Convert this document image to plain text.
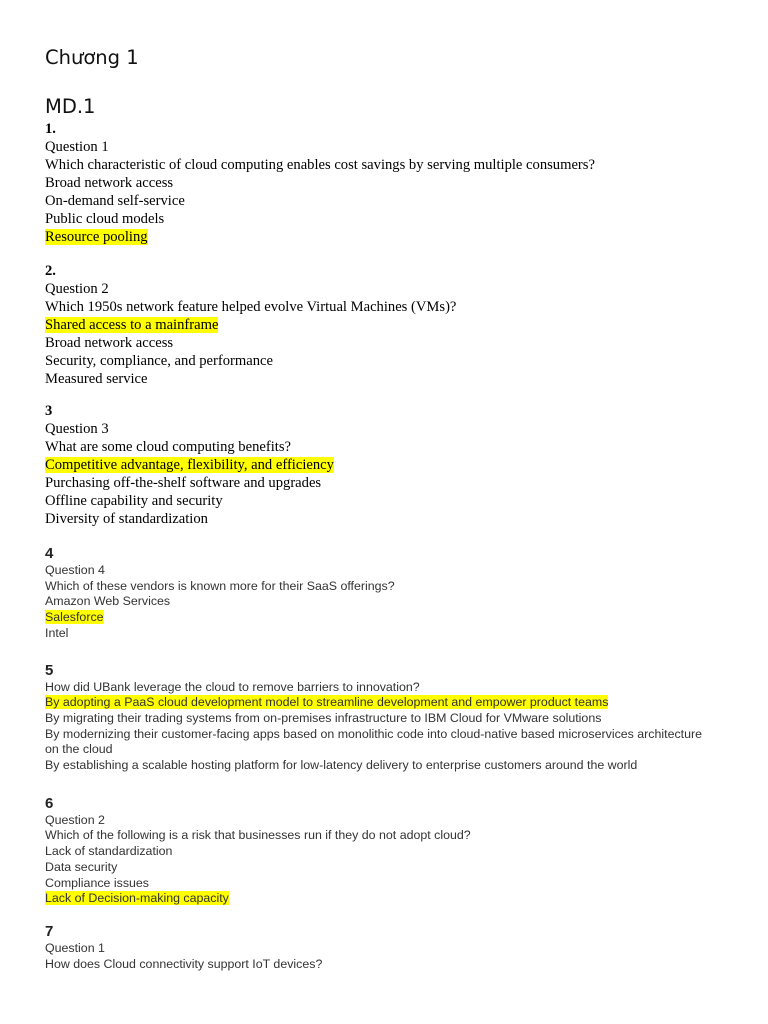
Chương 1
MD.1
1.
Question 1
Which characteristic of cloud computing enables cost savings by serving multiple consumers?
Broad network access
On-demand self-service
Public cloud models
Resource pooling
2.
Question 2
Which 1950s network feature helped evolve Virtual Machines (VMs)?
Shared access to a mainframe
Broad network access
Security, compliance, and performance
Measured service
3
Question 3
What are some cloud computing benefits?
Competitive advantage, flexibility, and efficiency
Purchasing off-the-shelf software and upgrades
Offline capability and security
Diversity of standardization
4
Question 4
Which of these vendors is known more for their SaaS offerings?
Amazon Web Services
Salesforce
Intel
5
How did UBank leverage the cloud to remove barriers to innovation?
By adopting a PaaS cloud development model to streamline development and empower product teams
By migrating their trading systems from on-premises infrastructure to IBM Cloud for VMware solutions
By modernizing their customer-facing apps based on monolithic code into cloud-native based microservices architecture on the cloud
By establishing a scalable hosting platform for low-latency delivery to enterprise customers around the world
6
Question 2
Which of the following is a risk that businesses run if they do not adopt cloud?
Lack of standardization
Data security
Compliance issues
Lack of Decision-making capacity
7
Question 1
How does Cloud connectivity support IoT devices?
